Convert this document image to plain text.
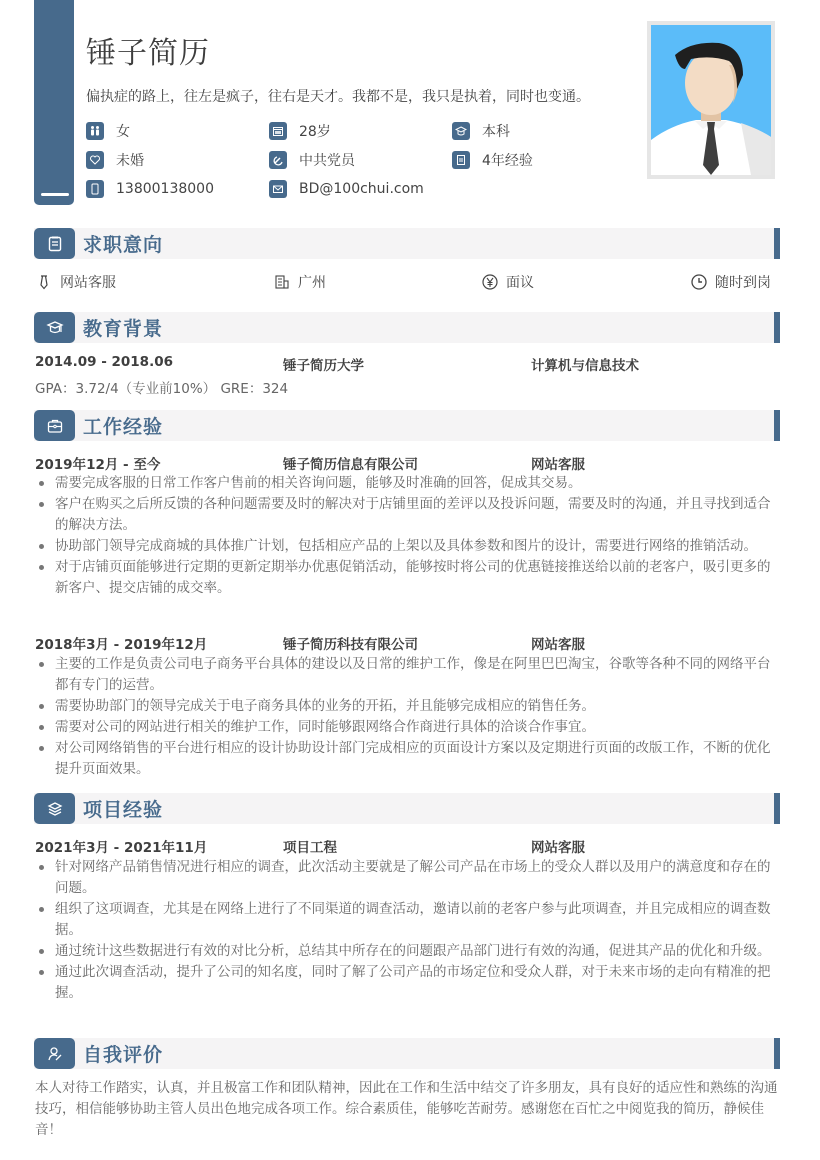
锤子简历
偏执症的路上，往左是疯子，往右是天才。我都不是，我只是执着，同时也变通。
女	28岁	本科
未婚	中共党员	4年经验
13800138000	BD@100chui.com
求职意向
网站客服	广州	面议	随时到岗
教育背景
2014.09 - 2018.06	锤子简历大学	计算机与信息技术
GPA：3.72/4（专业前10%） GRE：324
工作经验
2019年12月 - 至今	锤子简历信息有限公司	网站客服
需要完成客服的日常工作客户售前的相关咨询问题，能够及时准确的回答，促成其交易。
客户在购买之后所反馈的各种问题需要及时的解决对于店铺里面的差评以及投诉问题，需要及时的沟通，并且寻找到适合的解决方法。
协助部门领导完成商城的具体推广计划，包括相应产品的上架以及具体参数和图片的设计，需要进行网络的推销活动。
对于店铺页面能够进行定期的更新定期举办优惠促销活动，能够按时将公司的优惠链接推送给以前的老客户，吸引更多的新客户、提交店铺的成交率。
2018年3月 - 2019年12月	锤子简历科技有限公司	网站客服
主要的工作是负责公司电子商务平台具体的建设以及日常的维护工作，像是在阿里巴巴淘宝，谷歌等各种不同的网络平台都有专门的运营。
需要协助部门的领导完成关于电子商务具体的业务的开拓，并且能够完成相应的销售任务。
需要对公司的网站进行相关的维护工作，同时能够跟网络合作商进行具体的洽谈合作事宜。
对公司网络销售的平台进行相应的设计协助设计部门完成相应的页面设计方案以及定期进行页面的改版工作，不断的优化提升页面效果。
项目经验
2021年3月 - 2021年11月	项目工程	网站客服
针对网络产品销售情况进行相应的调查，此次活动主要就是了解公司产品在市场上的受众人群以及用户的满意度和存在的问题。
组织了这项调查，尤其是在网络上进行了不同渠道的调查活动，邀请以前的老客户参与此项调查，并且完成相应的调查数据。
通过统计这些数据进行有效的对比分析，总结其中所存在的问题跟产品部门进行有效的沟通，促进其产品的优化和升级。
通过此次调查活动，提升了公司的知名度，同时了解了公司产品的市场定位和受众人群，对于未来市场的走向有精准的把握。
自我评价
本人对待工作踏实，认真，并且极富工作和团队精神，因此在工作和生活中结交了许多朋友，具有良好的适应性和熟练的沟通技巧，相信能够协助主管人员出色地完成各项工作。综合素质佳，能够吃苦耐劳。感谢您在百忙之中阅览我的简历，静候佳音！
